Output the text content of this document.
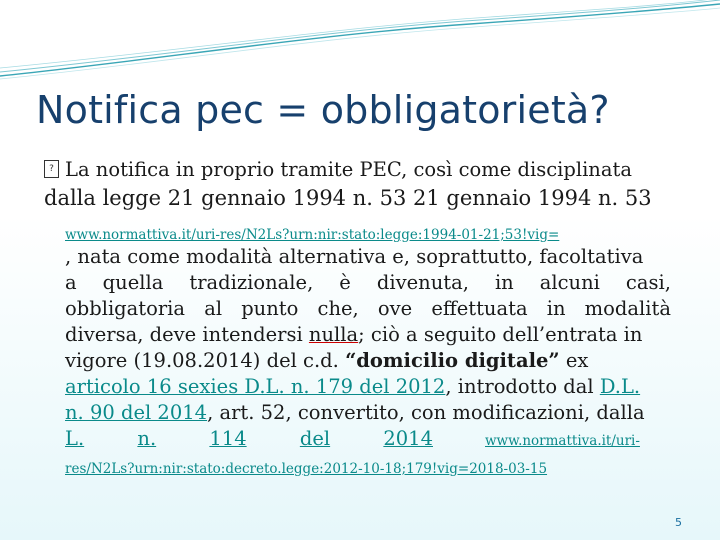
Notifica pec = obbligatorietà?
? La notifica in proprio tramite PEC, così come disciplinata
dalla legge 21 gennaio 1994 n. 53 21 gennaio 1994 n. 53
www.normattiva.it/uri-res/N2Ls?urn:nir:stato:legge:1994-01-21;53!vig=
, nata come modalità alternativa e, soprattutto, facoltativa
a quella tradizionale, è divenuta, in alcuni casi,
obbligatoria al punto che, ove effettuata in modalità
diversa, deve intendersi nulla; ciò a seguito dell’entrata in
vigore (19.08.2014) del c.d. “domicilio digitale” ex
articolo 16 sexies D.L. n. 179 del 2012, introdotto dal D.L.
n. 90 del 2014, art. 52, convertito, con modificazioni, dalla
L.	n.	114	del	2014	www.normattiva.it/uri-
res/N2Ls?urn:nir:stato:decreto.legge:2012-10-18;179!vig=2018-03-15
5
